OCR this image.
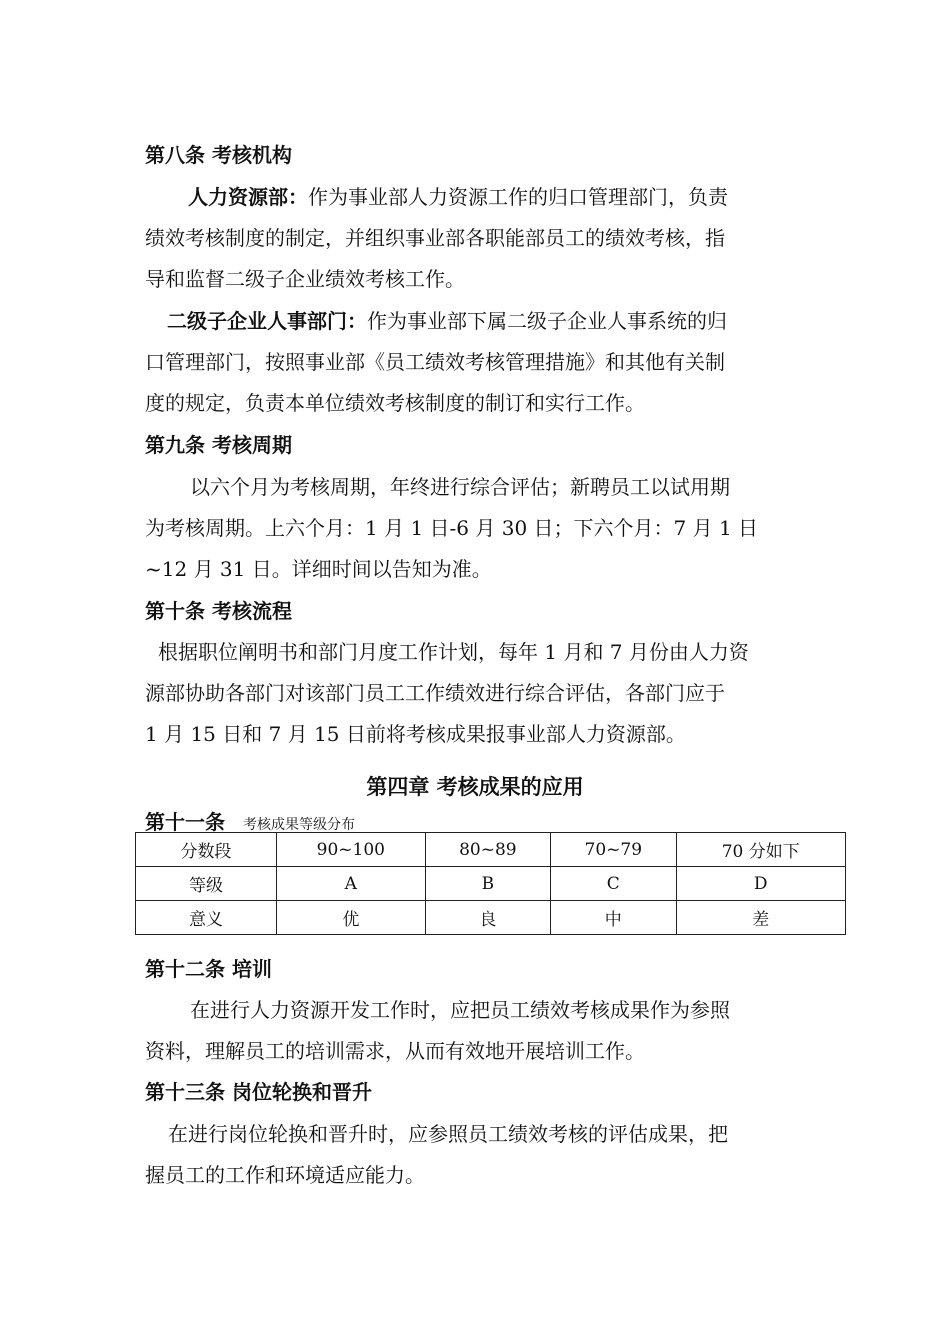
第八条 考核机构
人力资源部：作为事业部人力资源工作的归口管理部门，负责
绩效考核制度的制定，并组织事业部各职能部员工的绩效考核，指
导和监督二级子企业绩效考核工作。
二级子企业人事部门：作为事业部下属二级子企业人事系统的归
口管理部门，按照事业部《员工绩效考核管理措施》和其他有关制
度的规定，负责本单位绩效考核制度的制订和实行工作。
第九条 考核周期
以六个月为考核周期，年终进行综合评估；新聘员工以试用期
为考核周期。上六个月：1 月 1 日-6 月 30 日；下六个月：7 月 1 日
~12 月 31 日。详细时间以告知为准。
第十条 考核流程
根据职位阐明书和部门月度工作计划，每年 1 月和 7 月份由人力资
源部协助各部门对该部门员工工作绩效进行综合评估，各部门应于
1 月 15 日和 7 月 15 日前将考核成果报事业部人力资源部。
第四章 考核成果的应用
第十一条 考核成果等级分布
分数段	90~100	80~89	70~79	70 分如下
等级	A	B	C	D
意义	优	良	中	差
第十二条 培训
在进行人力资源开发工作时，应把员工绩效考核成果作为参照
资料，理解员工的培训需求，从而有效地开展培训工作。
第十三条 岗位轮换和晋升
在进行岗位轮换和晋升时，应参照员工绩效考核的评估成果，把
握员工的工作和环境适应能力。
